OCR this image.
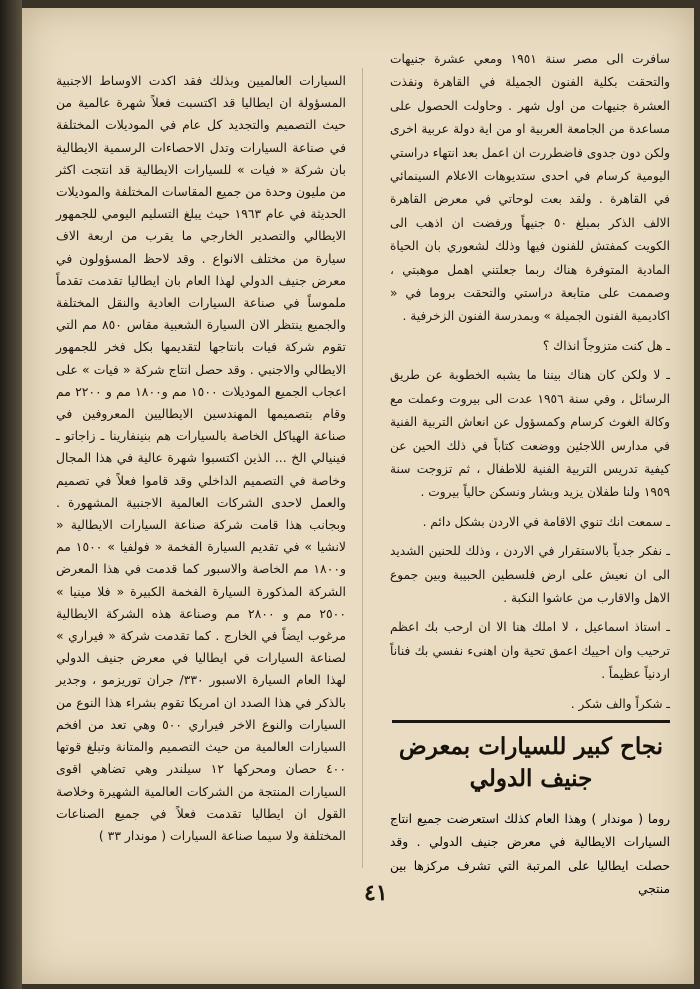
سافرت الى مصر سنة ١٩٥١ ومعي عشرة جنيهات والتحقت بكلية الفنون الجميلة في القاهرة ونفذت العشرة جنيهات من اول شهر . وحاولت الحصول على مساعدة من الجامعة العربية او من اية دولة عربية اخرى ولكن دون جدوى فاضطررت ان اعمل بعد انتهاء دراستي اليومية كرسام في احدى ستديوهات الاعلام السينمائي في القاهرة . ولقد بعت لوحاتي في معرض القاهرة الالف الذكر بمبلغ ٥٠ جنيهاً ورفضت ان اذهب الى الكويت كمفتش للفنون فيها وذلك لشعوري بان الحياة المادية المتوفرة هناك ربما جعلتني اهمل موهبتي ، وصممت على متابعة دراستي والتحقت بروما في « اكاديمية الفنون الجميلة » وبمدرسة الفنون الزخرفية .

ـ هل كنت متزوجاً انذاك ؟

ـ لا ولكن كان هناك بيننا ما يشبه الخطوبة عن طريق الرسائل ، وفي سنة ١٩٥٦ عدت الى بيروت وعملت مع وكالة الغوث كرسام وكمسؤول عن انعاش التربية الفنية في مدارس اللاجئين ووضعت كتاباً في ذلك الحين عن كيفية تدريس التربية الفنية للاطفال ، ثم تزوجت سنة ١٩٥٩ ولنا طفلان يزيد وبشار ونسكن حالياً بيروت .

ـ سمعت انك تنوي الاقامة في الاردن بشكل دائم .

ـ نفكر جدياً بالاستقرار في الاردن ، وذلك للحنين الشديد الى ان نعيش على ارض فلسطين الحبيبة وبين جموع الاهل والاقارب من عاشوا النكبة .

ـ استاذ اسماعيل ، لا املك هنا الا ان ارحب بك اعظم ترحيب وان احييك اعمق تحية وان اهنىء نفسي بك فناناً اردنياً عظيماً .

ـ شكراً والف شكر .

نجاح كبير للسيارات بمعرض
جنيف الدولي

روما ( موندار ) وهذا العام كذلك استعرضت جميع انتاج السيارات الايطالية في معرض جنيف الدولي . وقد حصلت ايطاليا على المرتبة التي تشرف مركزها بين منتجي

السيارات العالميين وبذلك فقد اكدت الاوساط الاجنبية المسؤولة ان ايطاليا قد اكتسبت فعلاً شهرة عالمية من حيث التصميم والتجديد كل عام في الموديلات المختلفة في صناعة السيارات وتدل الاحصاءات الرسمية الايطالية بان شركة « فيات » للسيارات الايطالية قد انتجت اكثر من مليون وحدة من جميع المقاسات المختلفة والموديلات الحديثة في عام ١٩٦٣ حيث يبلغ التسليم اليومي للجمهور الايطالي والتصدير الخارجي ما يقرب من اربعة الاف سيارة من مختلف الانواع . وقد لاحظ المسؤولون في معرض جنيف الدولي لهذا العام بان ايطاليا تقدمت تقدماً ملموساً في صناعة السيارات العادية والنقل المختلفة والجميع ينتظر الان السيارة الشعبية مقاس ٨٥٠ مم التي تقوم شركة فيات بانتاجها لتقديمها بكل فخر للجمهور الايطالي والاجنبي . وقد حصل انتاج شركة « فيات » على اعجاب الجميع الموديلات ١٥٠٠ مم و١٨٠٠ مم و ٢٢٠٠ مم وقام بتصميمها المهندسين الايطاليين المعروفين في صناعة الهياكل الخاصة بالسيارات هم بنينفارينا ـ زاجاتو ـ فينيالي الخ ... الذين اكتسبوا شهرة عالية في هذا المجال وخاصة في التصميم الداخلي وقد قاموا فعلاً في تصميم والعمل لاحدى الشركات العالمية الاجنبية المشهورة . وبجانب هذا قامت شركة صناعة السيارات الايطالية « لانشيا » في تقديم السيارة الفخمة « فولفيا » ١٥٠٠ مم و١٨٠٠ مم الخاصة والاسبور كما قدمت في هذا المعرض الشركة المذكورة السيارة الفخمة الكبيرة « فلا مينيا » ٢٥٠٠ مم و ٢٨٠٠ مم وصناعة هذه الشركة الايطالية مرغوب ايضاً في الخارج . كما تقدمت شركة « فيراري » لصناعة السيارات في ايطاليا في معرض جنيف الدولي لهذا العام السيارة الاسبور ٣٣٠/ جران توريزمو ، وجدير بالذكر في هذا الصدد ان امريكا تقوم بشراء هذا النوع من السيارات والنوع الاخر فيراري ٥٠٠ وهي تعد من افخم السيارات العالمية من حيث التصميم والمتانة وتبلغ قوتها ٤٠٠ حصان ومحركها ١٢ سيلندر وهي تضاهي اقوى السيارات المنتجة من الشركات العالمية الشهيرة وخلاصة القول ان ايطاليا تقدمت فعلاً في جميع الصناعات المختلفة ولا سيما صناعة السيارات ( موندار ٣٣ )

٤١
